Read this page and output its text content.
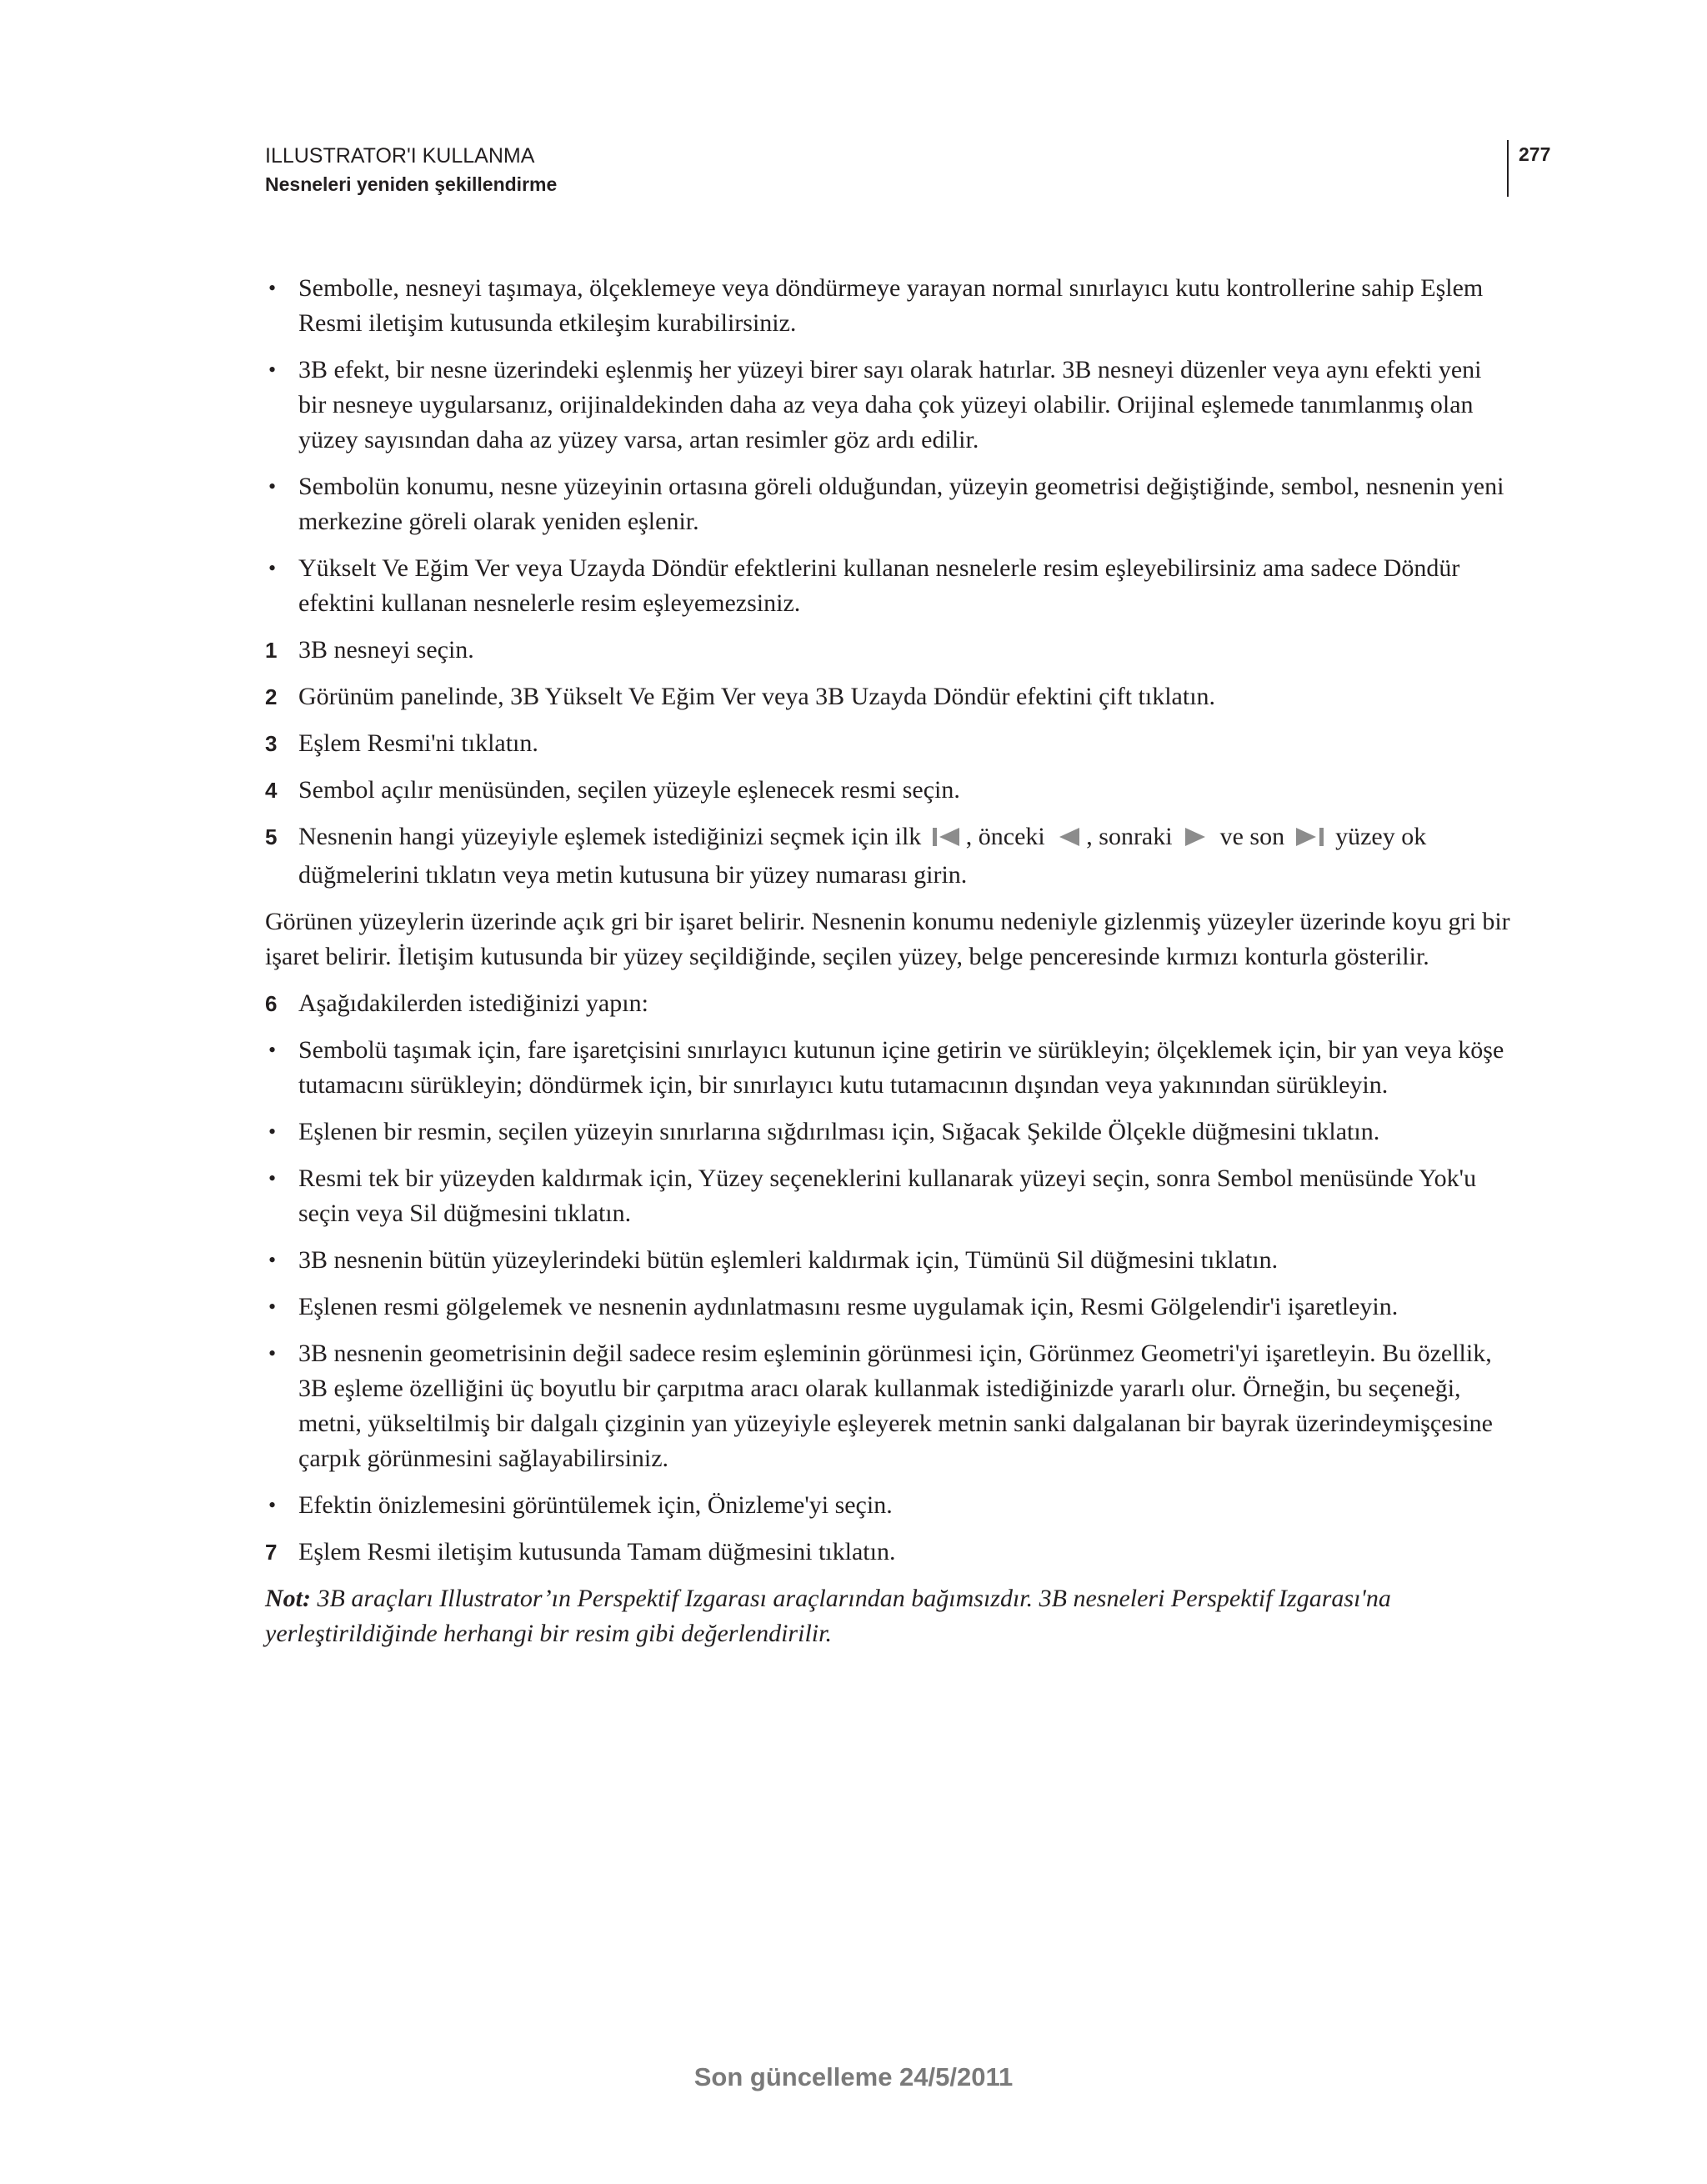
ILLUSTRATOR'I KULLANMA
Nesneleri yeniden şekillendirme
277
• Sembolle, nesneyi taşımaya, ölçeklemeye veya döndürmeye yarayan normal sınırlayıcı kutu kontrollerine sahip Eşlem Resmi iletişim kutusunda etkileşim kurabilirsiniz.
• 3B efekt, bir nesne üzerindeki eşlenmiş her yüzeyi birer sayı olarak hatırlar. 3B nesneyi düzenler veya aynı efekti yeni bir nesneye uygularsanız, orijinaldekinden daha az veya daha çok yüzeyi olabilir. Orijinal eşlemede tanımlanmış olan yüzey sayısından daha az yüzey varsa, artan resimler göz ardı edilir.
• Sembolün konumu, nesne yüzeyinin ortasına göreli olduğundan, yüzeyin geometrisi değiştiğinde, sembol, nesnenin yeni merkezine göreli olarak yeniden eşlenir.
• Yükselt Ve Eğim Ver veya Uzayda Döndür efektlerini kullanan nesnelerle resim eşleyebilirsiniz ama sadece Döndür efektini kullanan nesnelerle resim eşleyemezsiniz.
1 3B nesneyi seçin.
2 Görünüm panelinde, 3B Yükselt Ve Eğim Ver veya 3B Uzayda Döndür efektini çift tıklatın.
3 Eşlem Resmi'ni tıklatın.
4 Sembol açılır menüsünden, seçilen yüzeyle eşlenecek resmi seçin.
5 Nesnenin hangi yüzeyiyle eşlemek istediğinizi seçmek için ilk , önceki , sonraki ve son yüzey ok düğmelerini tıklatın veya metin kutusuna bir yüzey numarası girin.
Görünen yüzeylerin üzerinde açık gri bir işaret belirir. Nesnenin konumu nedeniyle gizlenmiş yüzeyler üzerinde koyu gri bir işaret belirir. İletişim kutusunda bir yüzey seçildiğinde, seçilen yüzey, belge penceresinde kırmızı konturla gösterilir.
6 Aşağıdakilerden istediğinizi yapın:
• Sembolü taşımak için, fare işaretçisini sınırlayıcı kutunun içine getirin ve sürükleyin; ölçeklemek için, bir yan veya köşe tutamacını sürükleyin; döndürmek için, bir sınırlayıcı kutu tutamacının dışından veya yakınından sürükleyin.
• Eşlenen bir resmin, seçilen yüzeyin sınırlarına sığdırılması için, Sığacak Şekilde Ölçekle düğmesini tıklatın.
• Resmi tek bir yüzeyden kaldırmak için, Yüzey seçeneklerini kullanarak yüzeyi seçin, sonra Sembol menüsünde Yok'u seçin veya Sil düğmesini tıklatın.
• 3B nesnenin bütün yüzeylerindeki bütün eşlemleri kaldırmak için, Tümünü Sil düğmesini tıklatın.
• Eşlenen resmi gölgelemek ve nesnenin aydınlatmasını resme uygulamak için, Resmi Gölgelendir'i işaretleyin.
• 3B nesnenin geometrisinin değil sadece resim eşleminin görünmesi için, Görünmez Geometri'yi işaretleyin. Bu özellik, 3B eşleme özelliğini üç boyutlu bir çarpıtma aracı olarak kullanmak istediğinizde yararlı olur. Örneğin, bu seçeneği, metni, yükseltilmiş bir dalgalı çizginin yan yüzeyiyle eşleyerek metnin sanki dalgalanan bir bayrak üzerindeymişçesine çarpık görünmesini sağlayabilirsiniz.
• Efektin önizlemesini görüntülemek için, Önizleme'yi seçin.
7 Eşlem Resmi iletişim kutusunda Tamam düğmesini tıklatın.
Not: 3B araçları Illustrator’ın Perspektif Izgarası araçlarından bağımsızdır. 3B nesneleri Perspektif Izgarası'na yerleştirildiğinde herhangi bir resim gibi değerlendirilir.
Son güncelleme 24/5/2011
